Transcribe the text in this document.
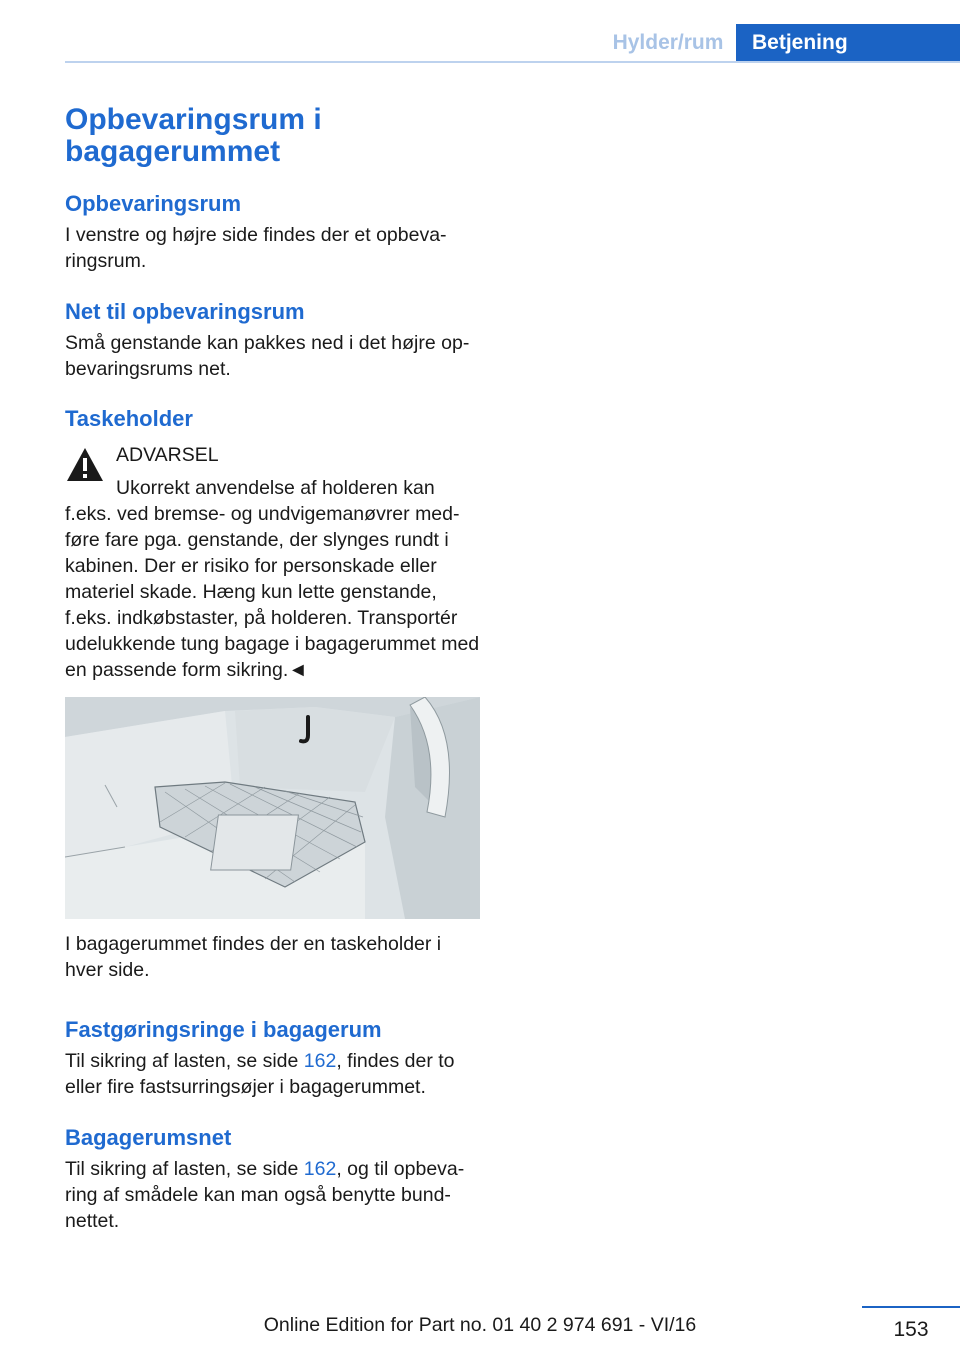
Hylder/rum	Betjening

Opbevaringsrum i bagagerummet

Opbevaringsrum

I venstre og højre side findes der et opbeva- ringsrum.

Net til opbevaringsrum

Små genstande kan pakkes ned i det højre op- bevaringsrums net.

Taskeholder

ADVARSEL

Ukorrekt anvendelse af holderen kan f.eks. ved bremse- og undvigemanøvrer med- føre fare pga. genstande, der slynges rundt i kabinen. Der er risiko for personskade eller materiel skade. Hæng kun lette genstande, f.eks. indkøbstaster, på holderen. Transportér udelukkende tung bagage i bagagerummet med en passende form sikring.◄

I bagagerummet findes der en taskeholder i hver side.

Fastgøringsringe i bagagerum

Til sikring af lasten, se side 162, findes der to eller fire fastsurringsøjer i bagagerummet.

Bagagerumsnet

Til sikring af lasten, se side 162, og til opbeva- ring af smådele kan man også benytte bund- nettet.

153
Online Edition for Part no. 01 40 2 974 691 - VI/16
